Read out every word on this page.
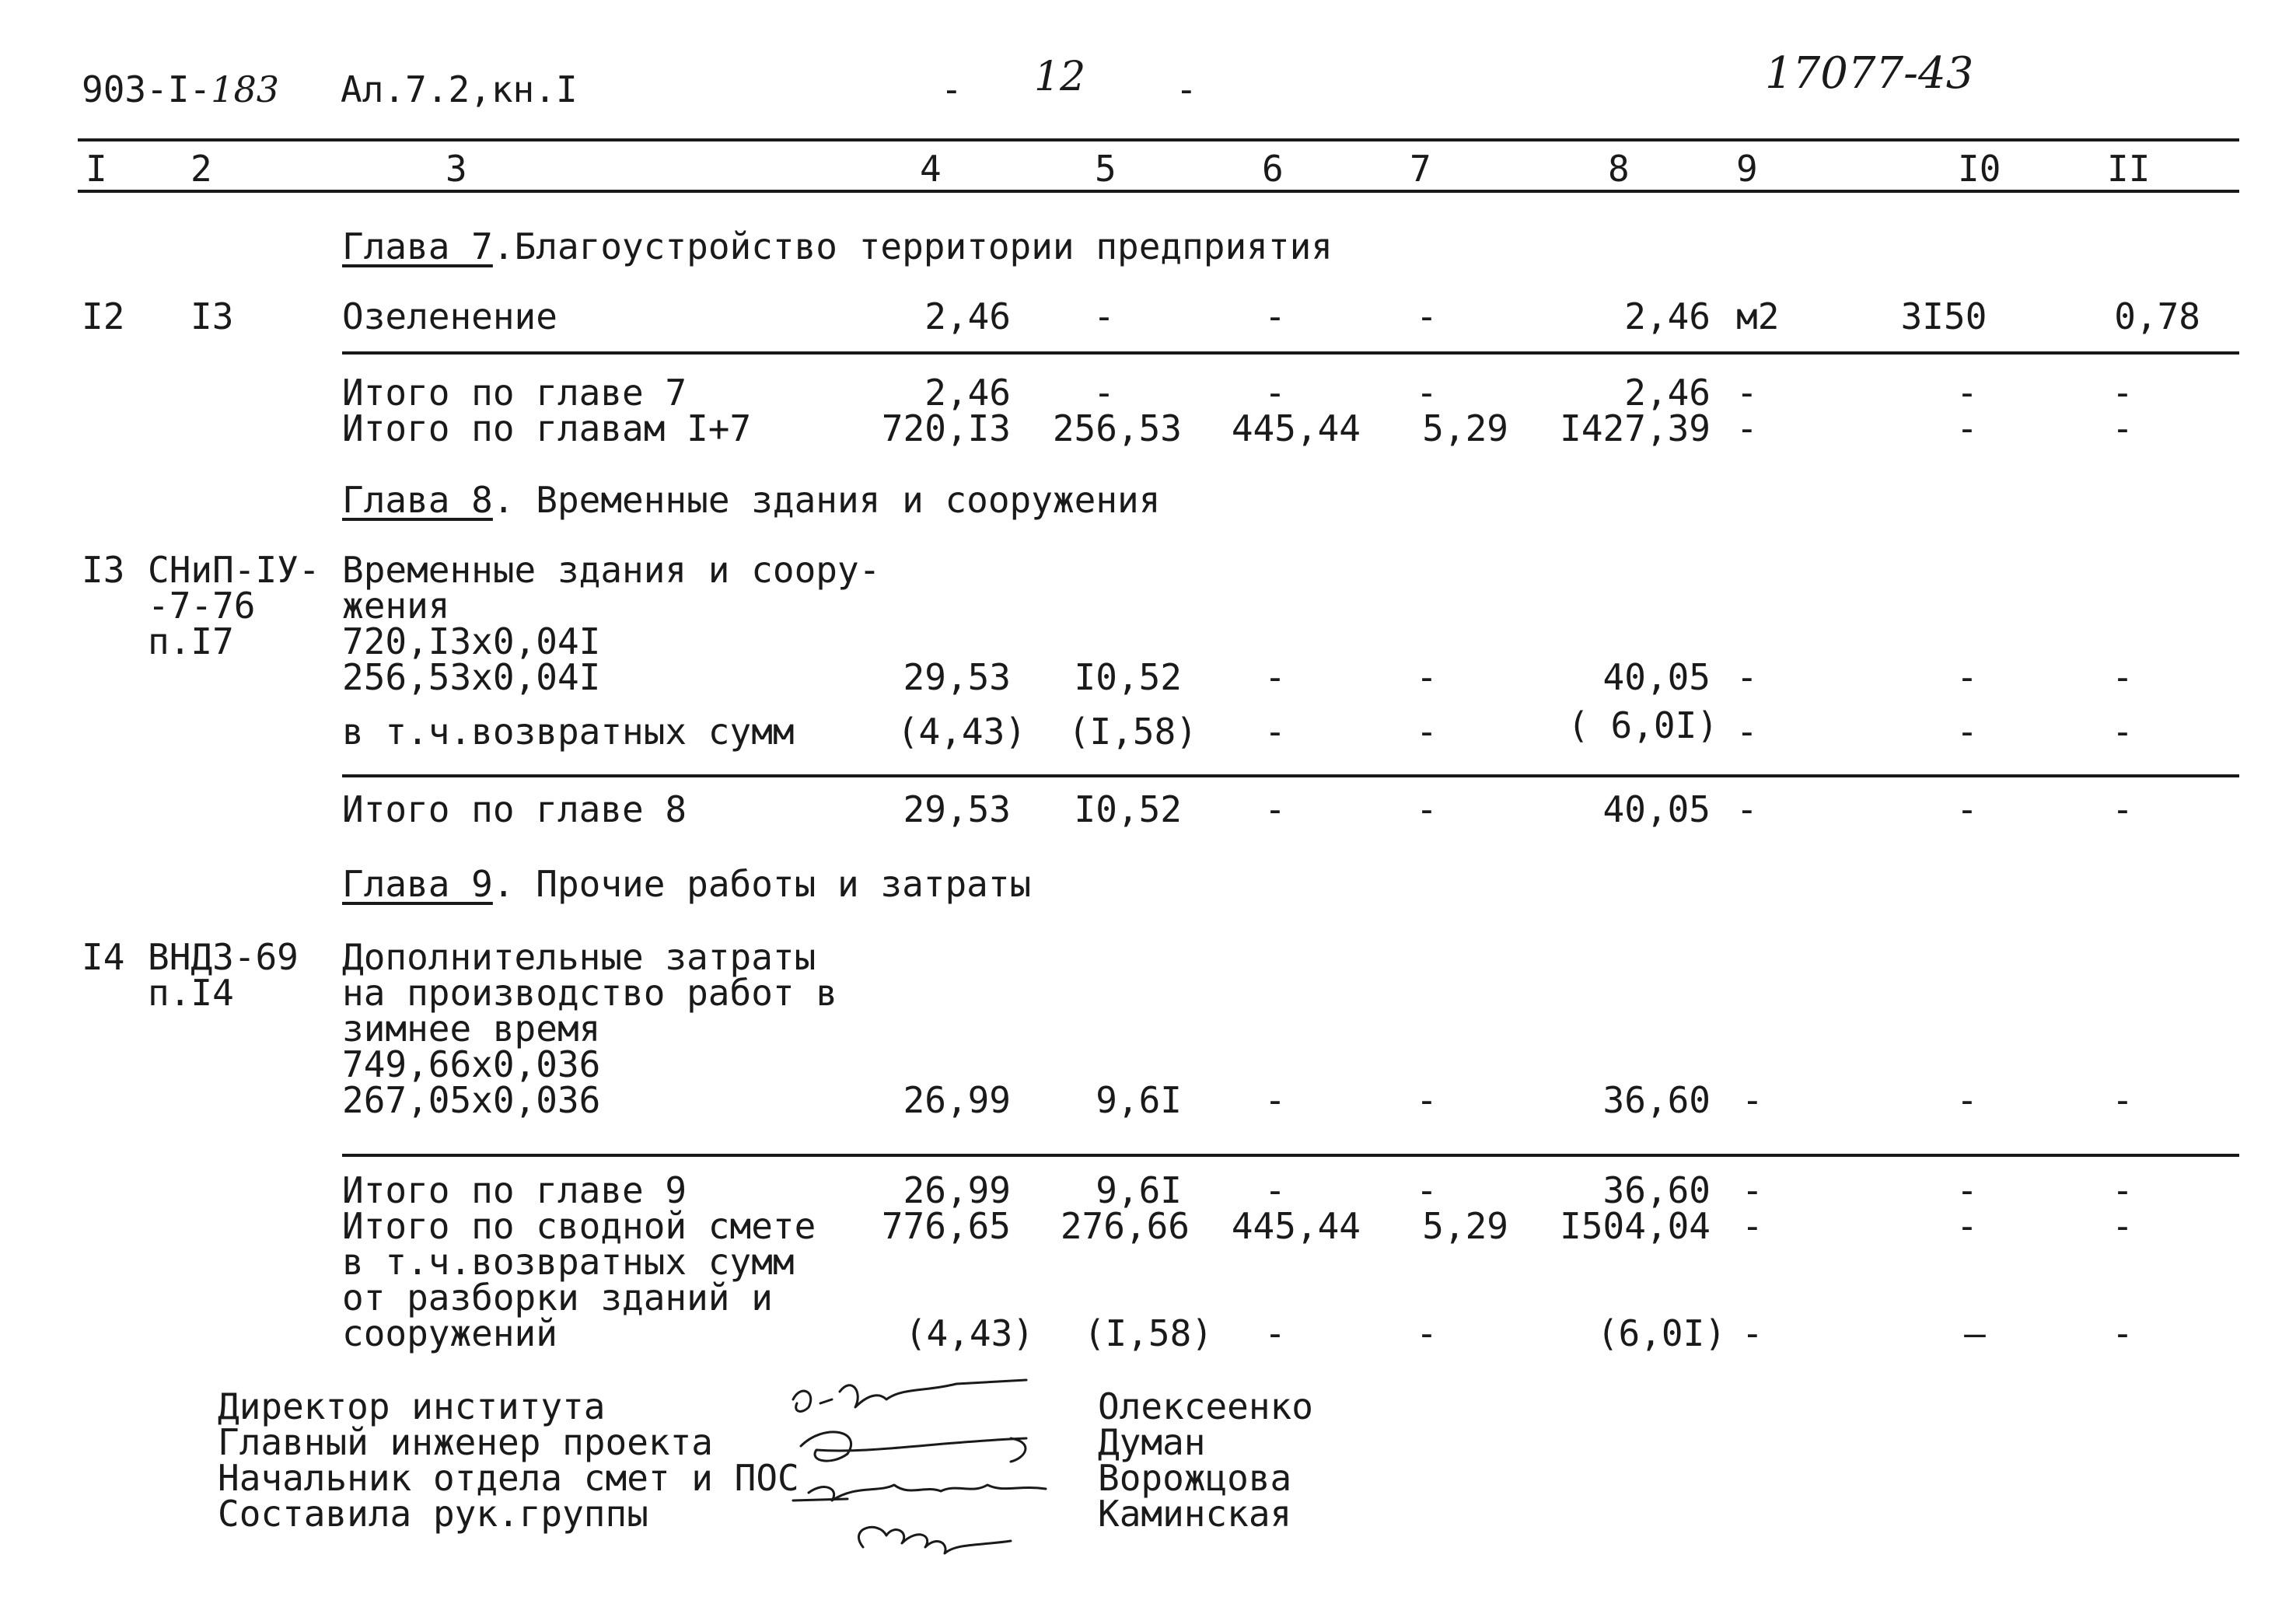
903-I-183 Ал.7.2,кн.I	- 12	-	17077-43
I 2	3	4	5	6	7	8	9	I0	II
Глава 7.Благоустройство территории предприятия
I2 I3	Озеленение	2,46	-	-	-	2,46 м2	3I50	0,78
Итого по главе 7	2,46	-	-	-	2,46 -	-	-
Итого по главам I+7	720,I3	256,53	445,44	5,29	I427,39 -	-	-
Глава 8. Временные здания и сооружения
I3 СНиП-IУ-
-7-76
п.I7
Временные здания и соору-
жения
720,I3х0,04I
256,53х0,04I	29,53	I0,52	-	-	40,05 -	-	-
в т.ч.возвратных сумм	(4,43)	(I,58)	-	-	( 6,0I) -	-	-
Итого по главе 8	29,53	I0,52	-	-	40,05 -	-	-
Глава 9. Прочие работы и затраты
I4 ВНДЗ-69
п.I4
Дополнительные затраты
на производство работ в
зимнее время
749,66х0,036
267,05х0,036	26,99	9,6I	-	-	36,60 -	-	-
Итого по главе 9	26,99	9,6I	-	-	36,60 -	-	-
Итого по сводной смете	776,65	276,66	445,44	5,29	I504,04 -	-	-
в т.ч.возвратных сумм
от разборки зданий и
сооружений	(4,43)	(I,58)	-	-	(6,0I) -	—	-
Директор института
Главный инженер проекта
Начальник отдела смет и ПОС
Составила рук.группы
Олексеенко
Думан
Ворожцова
Каминская
